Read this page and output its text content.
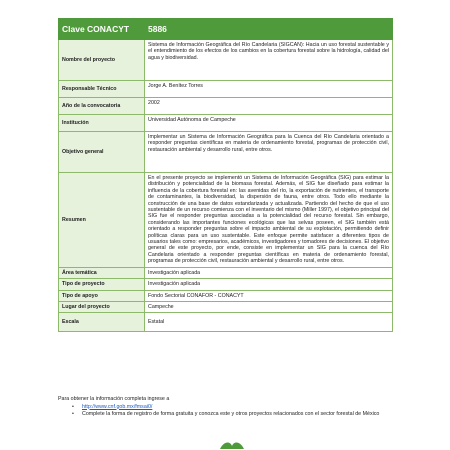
Clave CONACYT	5886
Nombre del proyecto	Sistema de Información Geográfica del Río Candelaria (SIGCAN): Hacia un uso forestal sustentable y el entendimiento de los efectos de los cambios en la cobertura forestal sobre la hidrología, calidad del agua y biodiversidad.
Responsable Técnico	Jorge A. Benítez Torres
Año de la convocatoria	2002
Institución	Universidad Autónoma de Campeche
Objetivo general	Implementar un Sistema de Información Geográfica para la Cuenca del Río Candelaria orientado a responder preguntas científicas en materia de ordenamiento forestal, programas de protección civil, restauración ambiental y desarrollo rural, entre otros.
Resumen	En el presente proyecto se implementó un Sistema de Información Geográfica (SIG) para estimar la distribución y potencialidad de la biomasa forestal. Además, el SIG fue diseñado para estimar la influencia de la cobertura forestal en: las avenidas del río, la exportación de nutrientes, el transporte de contaminantes, la biodiversidad, la dispersión de fauna, entre otros. Todo ello mediante la construcción de una base de datos estandarizada y actualizada. Partiendo del hecho de que el uso sustentable de un recurso comienza con el inventario del mismo (Miller 1997), el objetivo principal del SIG fue el responder preguntas asociadas a la potencialidad del recurso forestal. Sin embargo, considerando las importantes funciones ecológicas que las selvas poseen, el SIG también está orientado a responder preguntas sobre el impacto ambiental de su explotación, permitiendo definir políticas claras para un uso sustentable. Este enfoque permite satisfacer a diferentes tipos de usuarios tales como: empresarios, académicos, investigadores y tomadores de decisiones. El objetivo general de este proyecto, por ende, consiste en implementar un SIG para la cuenca del Río Candelaria orientado a responder preguntas científicas en materia de ordenamiento forestal, programas de protección civil, restauración ambiental y desarrollo rural, entre otros.
Área temática	Investigación aplicada
Tipo de proyecto	Investigación aplicada
Tipo de apoyo	Fondo Sectorial CONAFOR - CONACYT
Lugar del proyecto	Campeche
Escala	Estatal
Para obtener la información completa ingrese a
• http://www.cnf.gob.mx/fmsai0/
• Complete la forma de registro de forma gratuita y conozca este y otros proyectos relacionados con el sector forestal de México
